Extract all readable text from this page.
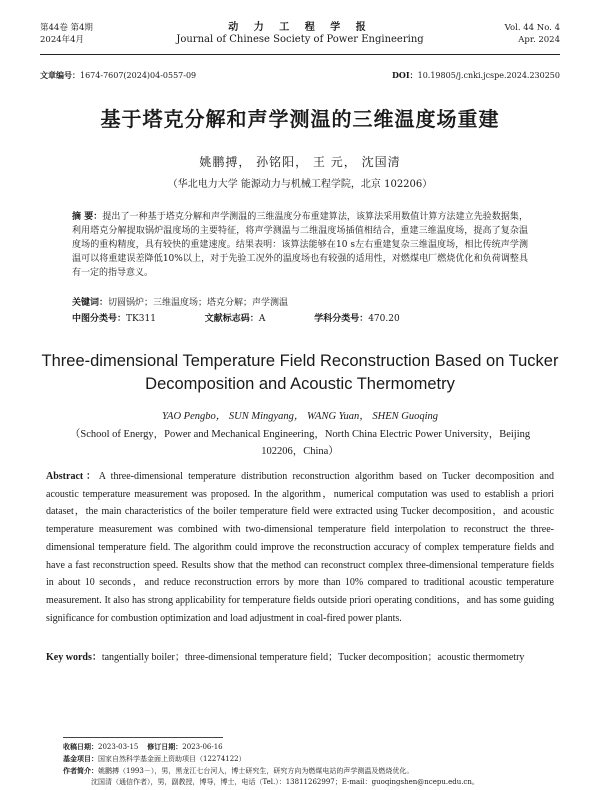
第44卷 第4期
2024年4月
动 力 工 程 学 报
Journal of Chinese Society of Power Engineering
Vol. 44 No. 4
Apr. 2024
文章编号：1674-7607(2024)04-0557-09	DOI：10.19805/j.cnki.jcspe.2024.230250
基于塔克分解和声学测温的三维温度场重建
姚鹏搏， 孙铭阳， 王 元， 沈国清
（华北电力大学 能源动力与机械工程学院，北京 102206）
摘 要：提出了一种基于塔克分解和声学测温的三维温度分布重建算法，该算法采用数值计算方法建立先验数据集，利用塔克分解提取锅炉温度场的主要特征，将声学测温与二维温度场插值相结合，重建三维温度场，提高了复杂温度场的重构精度，具有较快的重建速度。结果表明：该算法能够在10 s左右重建复杂三维温度场，相比传统声学测温可以将重建误差降低10%以上，对于先验工况外的温度场也有较强的适用性，对燃煤电厂燃烧优化和负荷调整具有一定的指导意义。
关键词：切圆锅炉；三维温度场；塔克分解；声学测温
中图分类号：TK311	文献标志码：A	学科分类号：470.20
Three-dimensional Temperature Field Reconstruction Based on Tucker Decomposition and Acoustic Thermometry
YAO Pengbo， SUN Mingyang， WANG Yuan， SHEN Guoqing
（School of Energy，Power and Mechanical Engineering，North China Electric Power University，Beijing 102206，China）
Abstract：A three-dimensional temperature distribution reconstruction algorithm based on Tucker decomposition and acoustic temperature measurement was proposed. In the algorithm，numerical computation was used to establish a priori dataset，the main characteristics of the boiler temperature field were extracted using Tucker decomposition，and acoustic temperature measurement was combined with two-dimensional temperature field interpolation to reconstruct the three-dimensional temperature field. The algorithm could improve the reconstruction accuracy of complex temperature fields and have a fast reconstruction speed. Results show that the method can reconstruct complex three-dimensional temperature fields in about 10 seconds，and reduce reconstruction errors by more than 10% compared to traditional acoustic temperature measurement. It also has strong applicability for temperature fields outside priori operating conditions，and has some guiding significance for combustion optimization and load adjustment in coal-fired power plants.
Key words：tangentially boiler；three-dimensional temperature field；Tucker decomposition；acoustic thermometry
收稿日期：2023-03-15 修订日期：2023-06-16
基金项目：国家自然科学基金面上资助项目（12274122）
作者简介：姚鹏搏（1993－），男，黑龙江七台河人，博士研究生，研究方向为燃煤电站的声学测温及燃烧优化。
沈国清（通信作者），男，副教授，博导，博士，电话（Tel.）：13811262997；E-mail：guoqingshen@ncepu.edu.cn。
